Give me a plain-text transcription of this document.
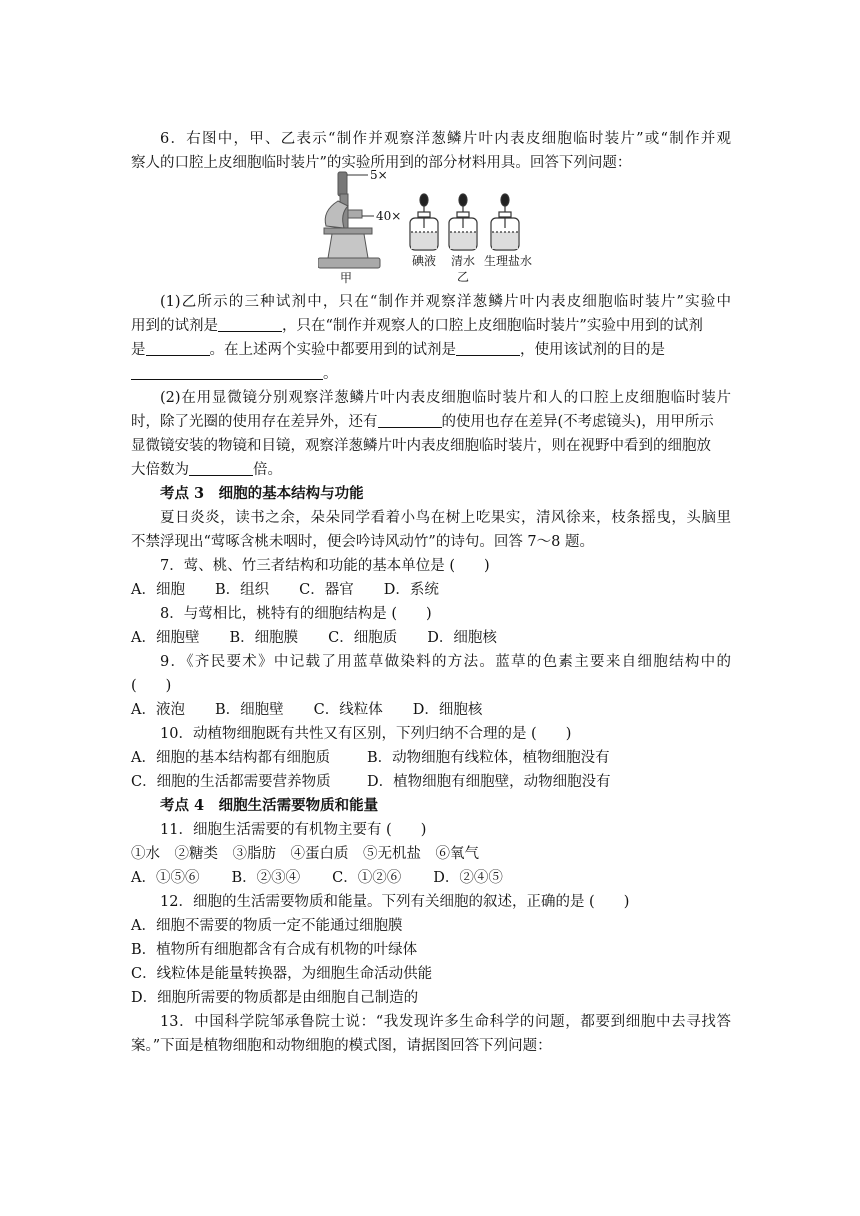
6．右图中，甲、乙表示“制作并观察洋葱鳞片叶内表皮细胞临时装片”或“制作并观
察人的口腔上皮细胞临时装片”的实验所用到的部分材料用具。回答下列问题：
5×
40×
甲
碘液 清水 生理盐水
乙
(1)乙所示的三种试剂中，只在“制作并观察洋葱鳞片叶内表皮细胞临时装片”实验中
用到的试剂是	，只在“制作并观察人的口腔上皮细胞临时装片”实验中用到的试剂
是	。在上述两个实验中都要用到的试剂是	，使用该试剂的目的是
。
(2)在用显微镜分别观察洋葱鳞片叶内表皮细胞临时装片和人的口腔上皮细胞临时装片
时，除了光圈的使用存在差异外，还有	的使用也存在差异(不考虑镜头)，用甲所示
显微镜安装的物镜和目镜，观察洋葱鳞片叶内表皮细胞临时装片，则在视野中看到的细胞放
大倍数为	倍。
考点 3　细胞的基本结构与功能
夏日炎炎，读书之余，朵朵同学看着小鸟在树上吃果实，清风徐来，枝条摇曳，头脑里
不禁浮现出“莺啄含桃未咽时，便会吟诗风动竹”的诗句。回答 7～8 题。
7．莺、桃、竹三者结构和功能的基本单位是 (　　)
A．细胞 B．组织 C．器官 D．系统
8．与莺相比，桃特有的细胞结构是 (　　)
A．细胞壁 B．细胞膜 C．细胞质 D．细胞核
9．《齐民要术》中记载了用蓝草做染料的方法。蓝草的色素主要来自细胞结构中的
(　　)
A．液泡 B．细胞壁 C．线粒体 D．细胞核
10．动植物细胞既有共性又有区别，下列归纳不合理的是 (　　)
A．细胞的基本结构都有细胞质	B．动物细胞有线粒体，植物细胞没有
C．细胞的生活都需要营养物质	D．植物细胞有细胞壁，动物细胞没有
考点 4　细胞生活需要物质和能量
11．细胞生活需要的有机物主要有 (　　)
①水　②糖类　③脂肪　④蛋白质　⑤无机盐　⑥氧气
A．①⑤⑥ B．②③④ C．①②⑥ D．②④⑤
12．细胞的生活需要物质和能量。下列有关细胞的叙述，正确的是 (　　)
A．细胞不需要的物质一定不能通过细胞膜
B．植物所有细胞都含有合成有机物的叶绿体
C．线粒体是能量转换器，为细胞生命活动供能
D．细胞所需要的物质都是由细胞自己制造的
13．中国科学院邹承鲁院士说：“我发现许多生命科学的问题，都要到细胞中去寻找答
案。”下面是植物细胞和动物细胞的模式图，请据图回答下列问题：
